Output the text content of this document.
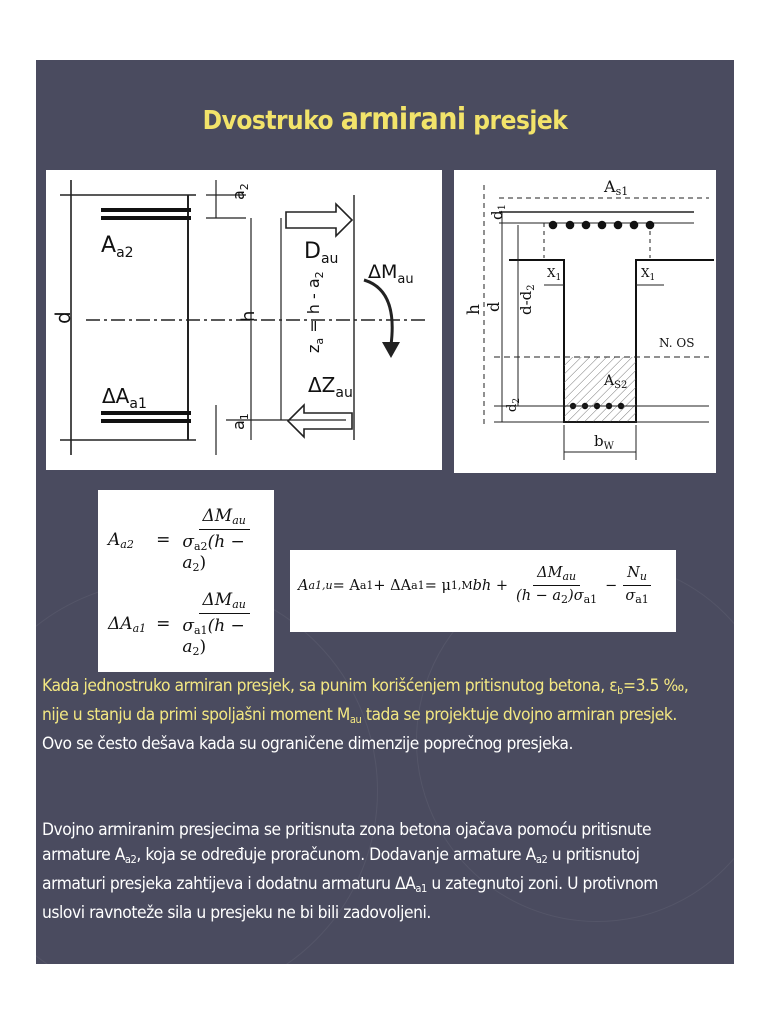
Dvostruko armirani presjek
$A_{a2}$
d
$a_2$
h
$z_a = h - a_2$
$D_{au}$
$\Delta M_{au}$
$\Delta A_{a1}$
$\Delta Z_{au}$
$a_1$
As1
$d_1$
$X_1$	$X_1$
h d $d-d_2$
N. OS
$A_{S2}$
$d_2$
$b_W$
$A_{a2}$	= $\frac{\Delta M_{au}}{\sigma_{a2}(h - a_2)}$
$\Delta A_{a1} = \frac{\Delta M_{au}}{\sigma_{a1}(h - a_2)}$
A a1,u = A a1 + ΔA a1 = μ 1,M bh + $\frac{\Delta M_{au}}{(h - a_2)\sigma_{a1}} - \frac{N_u}{\sigma_{a1}}$

Kada jednostruko armiran presjek, sa punim korišćenjem pritisnutog betona, $\varepsilon_b=3.5$ ‰,

nije u stanju da primi spoljašni moment $M_{au}$ tada se projektuje dvojno armiran presjek.

Ovo se često dešava kada su ograničene dimenzije poprečnog presjeka.

Dvojno armiranim presjecima se pritisnuta zona betona ojačava pomoću pritisnute

armature $A_{a2}$, koja se određuje proračunom. Dodavanje armature $A_{a2}$ u pritisnutoj

armaturi presjeka zahtijeva i dodatnu armaturu $\Delta A_{a1}$ u zategnutoj zoni. U protivnom

uslovi ravnoteže sila u presjeku ne bi bili zadovoljeni.
